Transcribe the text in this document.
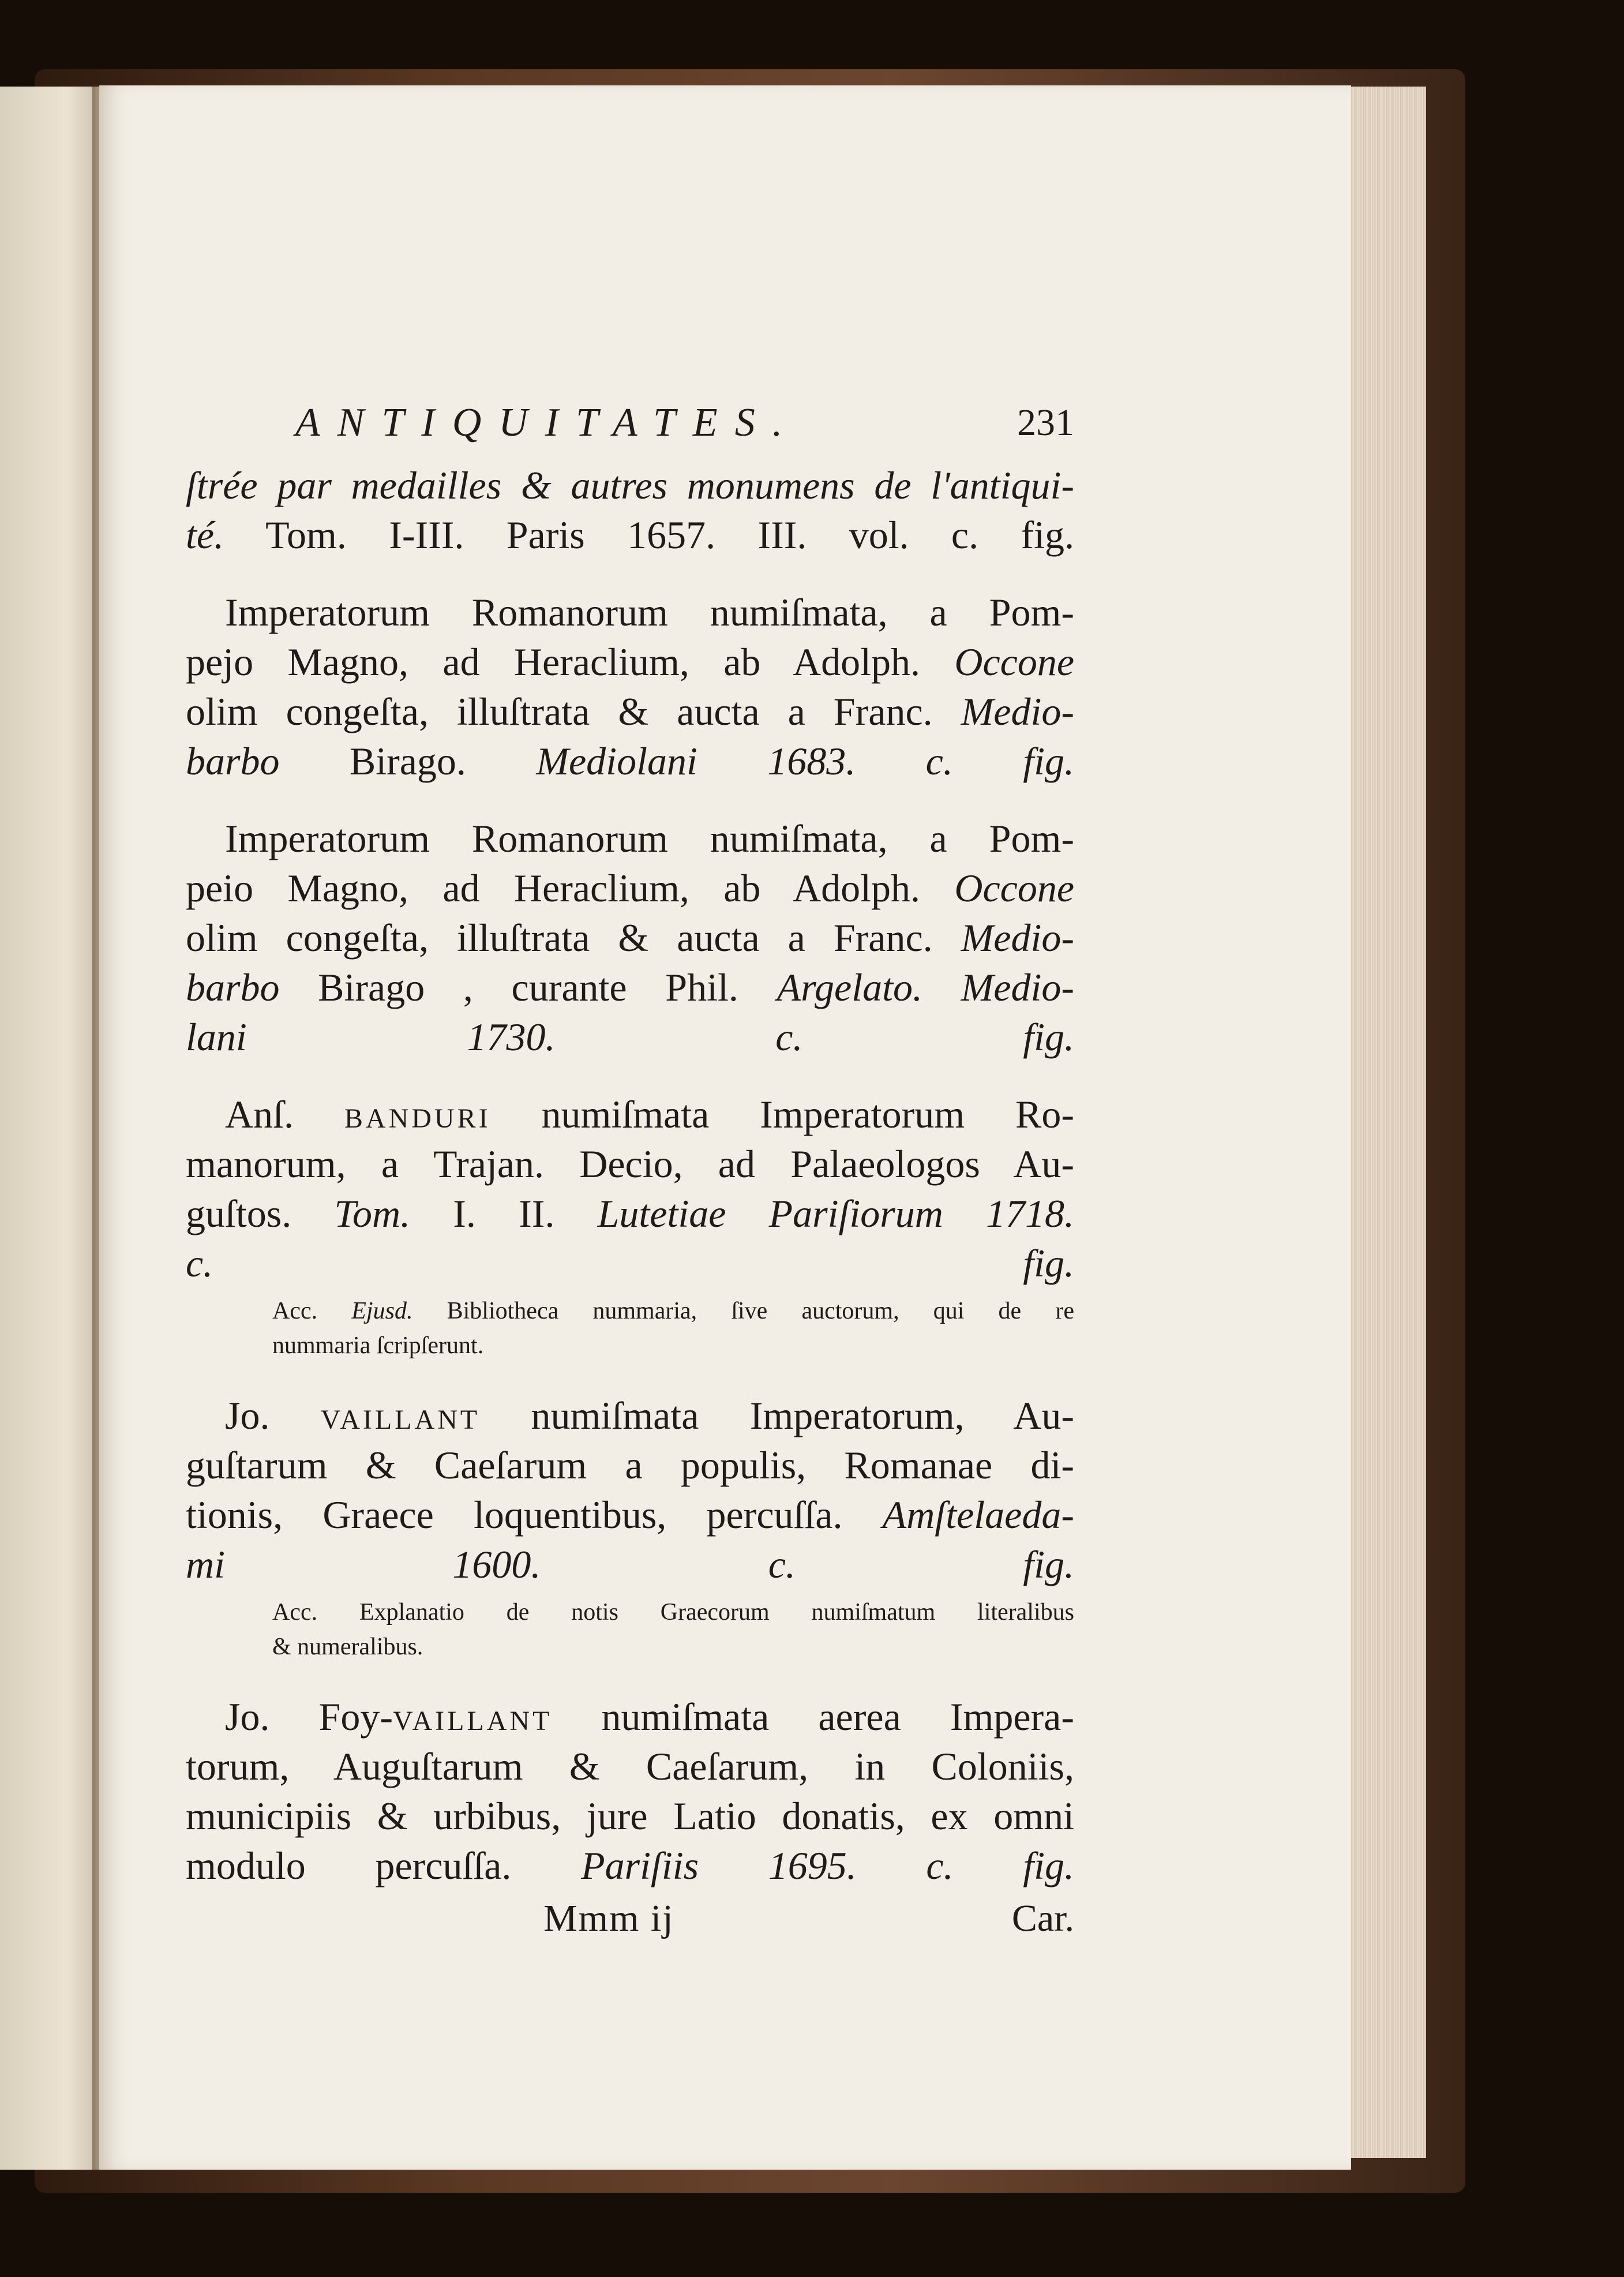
ANTIQUITATES.	231
ſtrée par medailles & autres monumens de l'antiqui-
té. Tom. I-III. Paris 1657. III. vol. c. fig.
Imperatorum Romanorum numiſmata, a Pom-
pejo Magno, ad Heraclium, ab Adolph. Occone
olim congeſta, illuſtrata & aucta a Franc. Medio-
barbo Birago. Mediolani 1683. c. fig.
Imperatorum Romanorum numiſmata, a Pom-
peio Magno, ad Heraclium, ab Adolph. Occone
olim congeſta, illuſtrata & aucta a Franc. Medio-
barbo Birago , curante Phil. Argelato. Medio-
lani 1730. c. fig.
Anſ. banduri numiſmata Imperatorum Ro-
manorum, a Trajan. Decio, ad Palaeologos Au-
guſtos. Tom. I. II. Lutetiae Pariſiorum 1718.
c. fig.
Acc. Ejusd. Bibliotheca nummaria, ſive auctorum, qui de re
nummaria ſcripſerunt.
Jo. vaillant numiſmata Imperatorum, Au-
guſtarum & Caeſarum a populis, Romanae di-
tionis, Graece loquentibus, percuſſa. Amſtelaeda-
mi 1600. c. fig.
Acc. Explanatio de notis Graecorum numiſmatum literalibus
& numeralibus.
Jo. Foy-vaillant numiſmata aerea Impera-
torum, Auguſtarum & Caeſarum, in Coloniis,
municipiis & urbibus, jure Latio donatis, ex omni
modulo percuſſa. Pariſiis 1695. c. fig.
Mmm ij	Car.
